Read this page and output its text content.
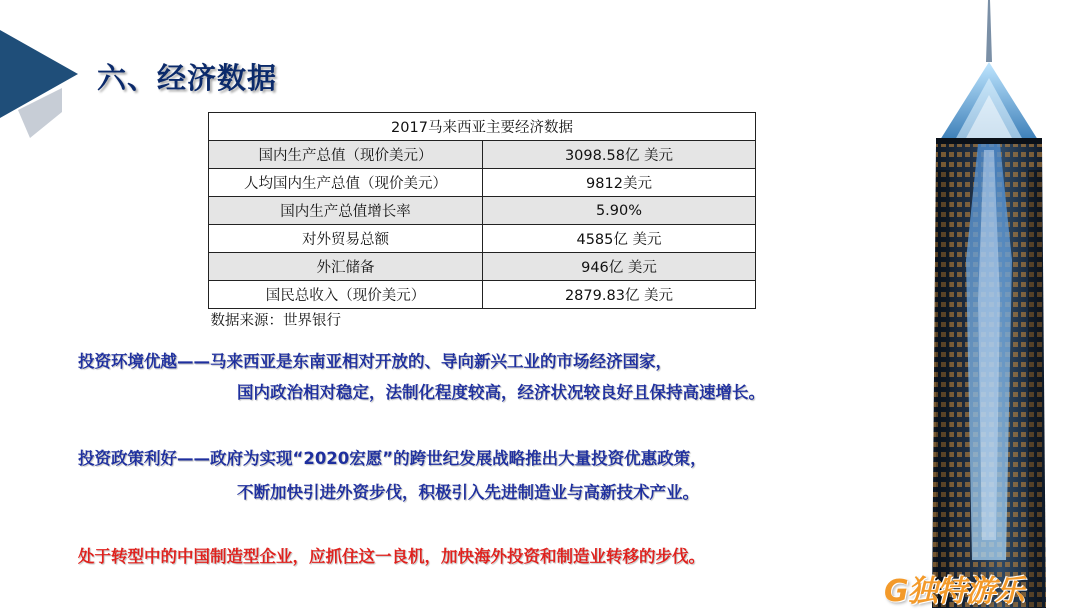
六、经济数据
2017马来西亚主要经济数据	
国内生产总值（现价美元）	3098.58亿 美元
人均国内生产总值（现价美元）	9812美元
国内生产总值增长率	5.90%
对外贸易总额	4585亿 美元
外汇储备	946亿 美元
国民总收入（现价美元）	2879.83亿 美元
数据来源：世界银行	
投资环境优越——马来西亚是东南亚相对开放的、导向新兴工业的市场经济国家，
国内政治相对稳定，法制化程度较高，经济状况较良好且保持高速增长。
投资政策利好——政府为实现“2020宏愿”的跨世纪发展战略推出大量投资优惠政策，
不断加快引进外资步伐，积极引入先进制造业与高新技术产业。
处于转型中的中国制造型企业，应抓住这一良机，加快海外投资和制造业转移的步伐。
G独特游乐
